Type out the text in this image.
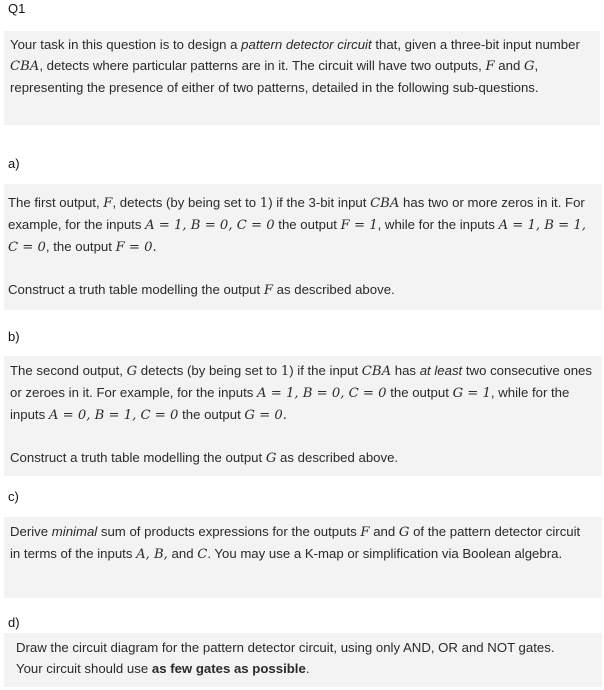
Q1

Your task in this question is to design a pattern detector circuit that, given a three-bit input number CBA, detects where particular patterns are in it. The circuit will have two outputs, F and G, representing the presence of either of two patterns, detailed in the following sub-questions.

a)

The first output, F, detects (by being set to 1) if the 3-bit input CBA has two or more zeros in it. For example, for the inputs A = 1, B = 0, C = 0 the output F = 1, while for the inputs A = 1, B = 1, C = 0, the output F = 0.

Construct a truth table modelling the output F as described above.

b)

The second output, G detects (by being set to 1) if the input CBA has at least two consecutive ones or zeroes in it. For example, for the inputs A = 1, B = 0, C = 0 the output G = 1, while for the inputs A = 0, B = 1, C = 0 the output G = 0.

Construct a truth table modelling the output G as described above.

c)

Derive minimal sum of products expressions for the outputs F and G of the pattern detector circuit in terms of the inputs A, B, and C. You may use a K-map or simplification via Boolean algebra.

d)

Draw the circuit diagram for the pattern detector circuit, using only AND, OR and NOT gates. Your circuit should use as few gates as possible.
